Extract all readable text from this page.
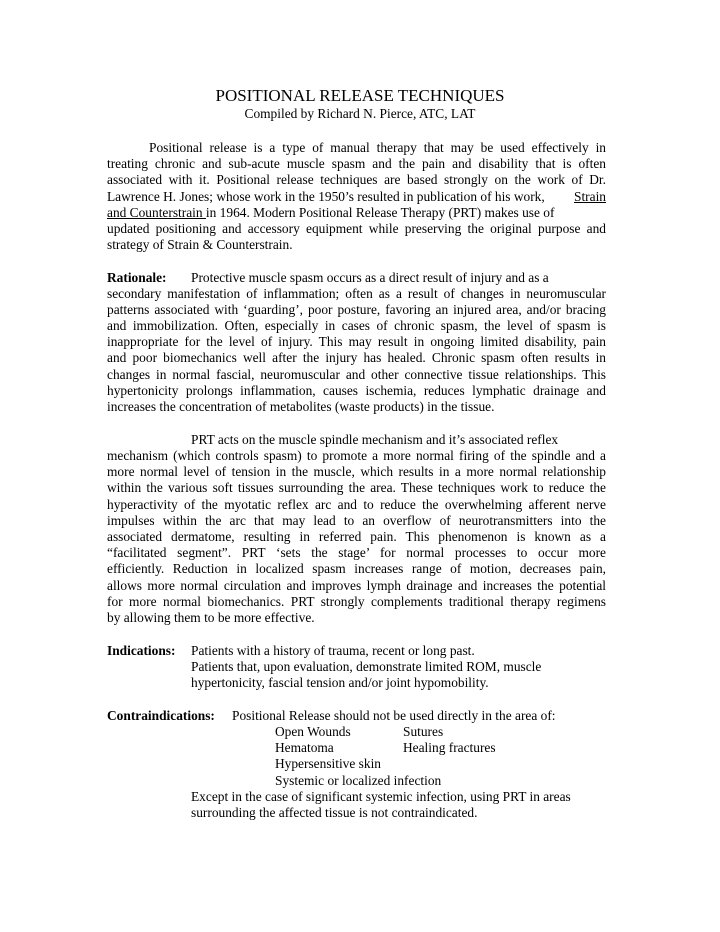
POSITIONAL RELEASE TECHNIQUES
Compiled by Richard N. Pierce, ATC, LAT
Positional release is a type of manual therapy that may be used effectively in
treating chronic and sub-acute muscle spasm and the pain and disability that is often
associated with it. Positional release techniques are based strongly on the work of Dr.
Lawrence H. Jones; whose work in the 1950’s resulted in publication of his work, Strain
and Counterstrain in 1964. Modern Positional Release Therapy (PRT) makes use of
updated positioning and accessory equipment while preserving the original purpose and
strategy of Strain & Counterstrain.
Rationale: Protective muscle spasm occurs as a direct result of injury and as a
secondary manifestation of inflammation; often as a result of changes in neuromuscular
patterns associated with ‘guarding’, poor posture, favoring an injured area, and/or bracing
and immobilization. Often, especially in cases of chronic spasm, the level of spasm is
inappropriate for the level of injury. This may result in ongoing limited disability, pain
and poor biomechanics well after the injury has healed. Chronic spasm often results in
changes in normal fascial, neuromuscular and other connective tissue relationships. This
hypertonicity prolongs inflammation, causes ischemia, reduces lymphatic drainage and
increases the concentration of metabolites (waste products) in the tissue.
PRT acts on the muscle spindle mechanism and it’s associated reflex
mechanism (which controls spasm) to promote a more normal firing of the spindle and a
more normal level of tension in the muscle, which results in a more normal relationship
within the various soft tissues surrounding the area. These techniques work to reduce the
hyperactivity of the myotatic reflex arc and to reduce the overwhelming afferent nerve
impulses within the arc that may lead to an overflow of neurotransmitters into the
associated dermatome, resulting in referred pain. This phenomenon is known as a
“facilitated segment”. PRT ‘sets the stage’ for normal processes to occur more
efficiently. Reduction in localized spasm increases range of motion, decreases pain,
allows more normal circulation and improves lymph drainage and increases the potential
for more normal biomechanics. PRT strongly complements traditional therapy regimens
by allowing them to be more effective.
Indications: Patients with a history of trauma, recent or long past.
Patients that, upon evaluation, demonstrate limited ROM, muscle
hypertonicity, fascial tension and/or joint hypomobility.
Contraindications: Positional Release should not be used directly in the area of:
Open Wounds	Sutures
Hematoma	Healing fractures
Hypersensitive skin
Systemic or localized infection
Except in the case of significant systemic infection, using PRT in areas
surrounding the affected tissue is not contraindicated.
